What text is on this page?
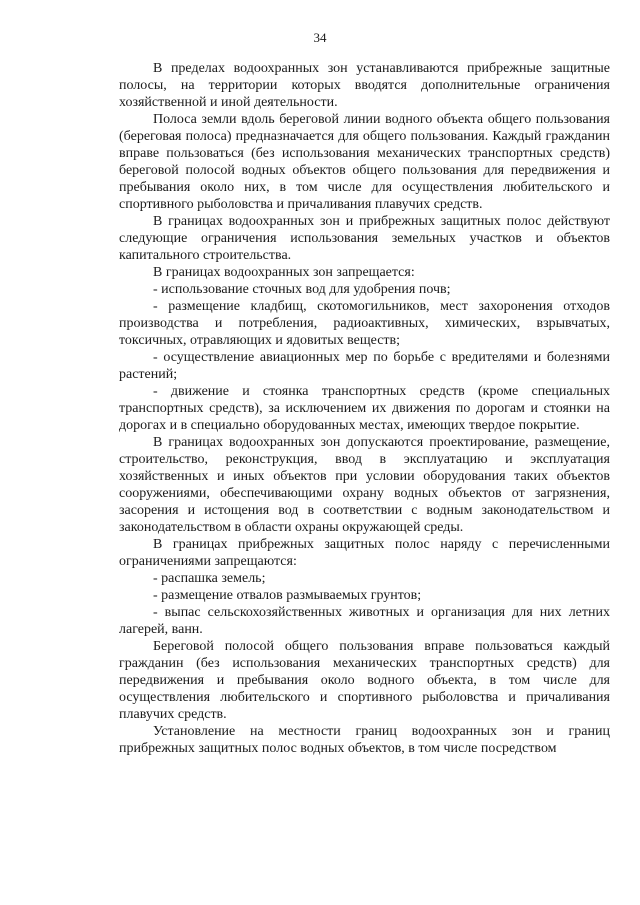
34

В пределах водоохранных зон устанавливаются прибрежные защитные полосы, на территории которых вводятся дополнительные ограничения хозяйственной и иной деятельности.

Полоса земли вдоль береговой линии водного объекта общего пользования (береговая полоса) предназначается для общего пользования. Каждый гражданин вправе пользоваться (без использования механических транспортных средств) береговой полосой водных объектов общего пользования для передвижения и пребывания около них, в том числе для осуществления любительского и спортивного рыболовства и причаливания плавучих средств.

В границах водоохранных зон и прибрежных защитных полос действуют следующие ограничения использования земельных участков и объектов капитального строительства.

В границах водоохранных зон запрещается:

- использование сточных вод для удобрения почв;

- размещение кладбищ, скотомогильников, мест захоронения отходов производства и потребления, радиоактивных, химических, взрывчатых, токсичных, отравляющих и ядовитых веществ;

- осуществление авиационных мер по борьбе с вредителями и болезнями растений;

- движение и стоянка транспортных средств (кроме специальных транспортных средств), за исключением их движения по дорогам и стоянки на дорогах и в специально оборудованных местах, имеющих твердое покрытие.

В границах водоохранных зон допускаются проектирование, размещение, строительство, реконструкция, ввод в эксплуатацию и эксплуатация хозяйственных и иных объектов при условии оборудования таких объектов сооружениями, обеспечивающими охрану водных объектов от загрязнения, засорения и истощения вод в соответствии с водным законодательством и законодательством в области охраны окружающей среды.

В границах прибрежных защитных полос наряду с перечисленными ограничениями запрещаются:

- распашка земель;

- размещение отвалов размываемых грунтов;

- выпас сельскохозяйственных животных и организация для них летних лагерей, ванн.

Береговой полосой общего пользования вправе пользоваться каждый гражданин (без использования механических транспортных средств) для передвижения и пребывания около водного объекта, в том числе для осуществления любительского и спортивного рыболовства и причаливания плавучих средств.

Установление на местности границ водоохранных зон и границ прибрежных защитных полос водных объектов, в том числе посредством
